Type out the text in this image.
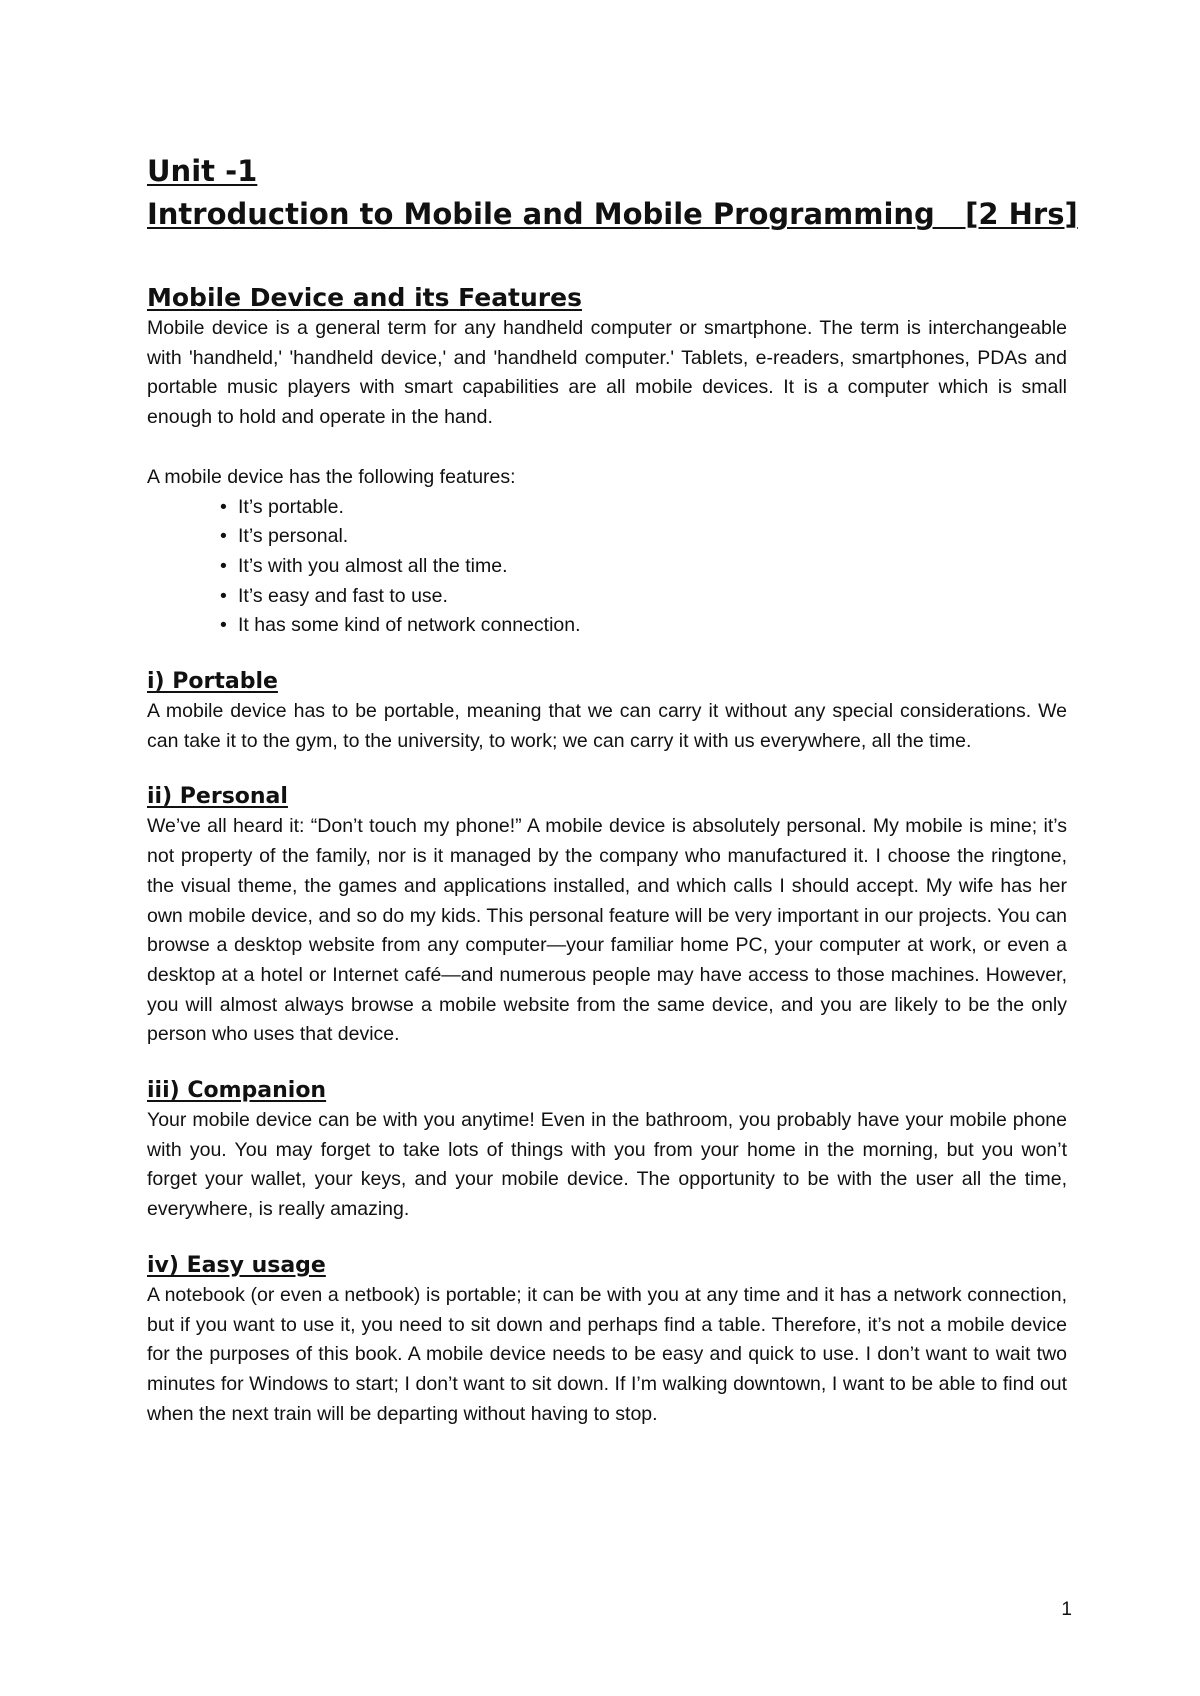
Unit -1
Introduction to Mobile and Mobile Programming   [2 Hrs]
Mobile Device and its Features

Mobile device is a general term for any handheld computer or smartphone. The term is interchangeable with 'handheld,' 'handheld device,' and 'handheld computer.' Tablets, e-readers, smartphones, PDAs and portable music players with smart capabilities are all mobile devices. It is a computer which is small enough to hold and operate in the hand.

A mobile device has the following features:

• It’s portable.
• It’s personal.
• It’s with you almost all the time.
• It’s easy and fast to use.
• It has some kind of network connection.
i) Portable

A mobile device has to be portable, meaning that we can carry it without any special considerations. We can take it to the gym, to the university, to work; we can carry it with us everywhere, all the time.

ii) Personal

We’ve all heard it: “Don’t touch my phone!” A mobile device is absolutely personal. My mobile is mine; it’s not property of the family, nor is it managed by the company who manufactured it. I choose the ringtone, the visual theme, the games and applications installed, and which calls I should accept. My wife has her own mobile device, and so do my kids. This personal feature will be very important in our projects. You can browse a desktop website from any computer—your familiar home PC, your computer at work, or even a desktop at a hotel or Internet café—and numerous people may have access to those machines. However, you will almost always browse a mobile website from the same device, and you are likely to be the only person who uses that device.

iii) Companion

Your mobile device can be with you anytime! Even in the bathroom, you probably have your mobile phone with you. You may forget to take lots of things with you from your home in the morning, but you won’t forget your wallet, your keys, and your mobile device. The opportunity to be with the user all the time, everywhere, is really amazing.

iv) Easy usage

A notebook (or even a netbook) is portable; it can be with you at any time and it has a network connection, but if you want to use it, you need to sit down and perhaps find a table. Therefore, it’s not a mobile device for the purposes of this book. A mobile device needs to be easy and quick to use. I don’t want to wait two minutes for Windows to start; I don’t want to sit down. If I’m walking downtown, I want to be able to find out when the next train will be departing without having to stop.

1
